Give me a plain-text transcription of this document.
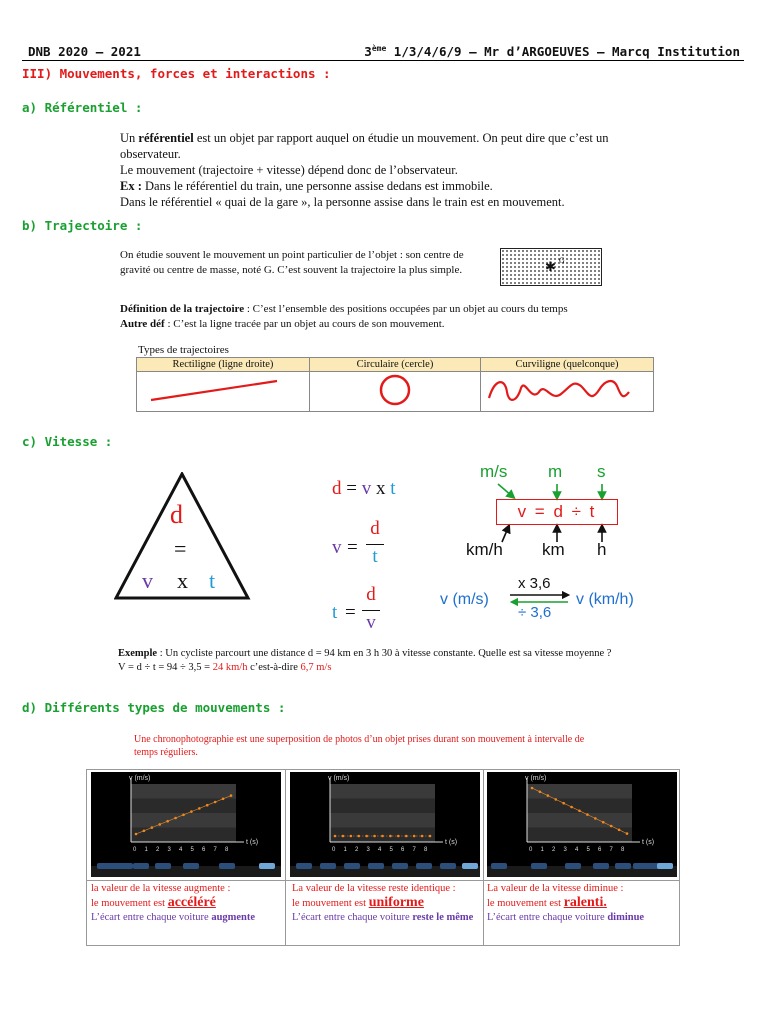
DNB 2020 – 2021	3ème 1/3/4/6/9 – Mr d’ARGOEUVES – Marcq Institution
III) Mouvements, forces et interactions :
a) Référentiel :

Un référentiel est un objet par rapport auquel on étudie un mouvement. On peut dire que c’est un

observateur.

Le mouvement (trajectoire + vitesse) dépend donc de l’observateur.

Ex : Dans le référentiel du train, une personne assise dedans est immobile.

Dans le référentiel « quai de la gare », la personne assise dans le train est en mouvement.

b) Trajectoire :

On étudie souvent le mouvement un point particulier de l’objet : son centre de

gravité ou centre de masse, noté G. C’est souvent la trajectoire la plus simple.	✱ G

Définition de la trajectoire : C’est l’ensemble des positions occupées par un objet au cours du temps

Autre déf : C’est la ligne tracée par un objet au cours de son mouvement.

Types de trajectoires
Rectiligne (ligne droite)	Circulaire (cercle)	Curviligne (quelconque)

c) Vitesse :
d
=
v x t
d = v x t
v =
d
t
t =
d
v
m/s m s
v = d ÷ t
km/h km h
v (m/s)	v (km/h)
x 3,6
÷ 3,6
Exemple : Un cycliste parcourt une distance d = 94 km en 3 h 30 à vitesse constante. Quelle est sa vitesse moyenne ?
V = d ÷ t = 94 ÷ 3,5 = 24 km/h c’est-à-dire 6,7 m/s
d) Différents types de mouvements :
Une chronophotographie est une superposition de photos d’un objet prises durant son mouvement à intervalle de
temps réguliers.
v (m/s)
t (s)
0 1 2 3 4 5 6 7 8
v (m/s)
t (s)
0 1 2 3 4 5 6 7 8
v (m/s)
t (s)
0 1 2 3 4 5 6 7 8
la valeur de la vitesse augmente :
le mouvement est accéléré
L’écart entre chaque voiture augmente
La valeur de la vitesse reste identique :
le mouvement est uniforme
L’écart entre chaque voiture reste le même
La valeur de la vitesse diminue :
le mouvement est ralenti.
L’écart entre chaque voiture diminue
